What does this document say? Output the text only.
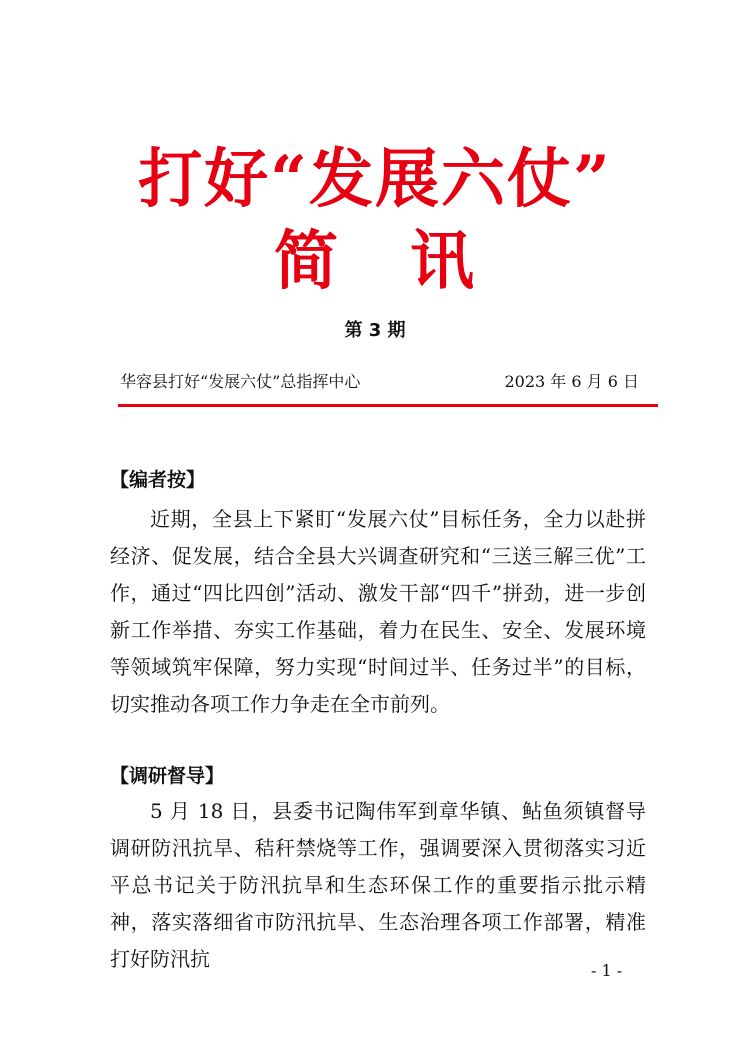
打好“发展六仗”
简 讯
第 3 期
华容县打好“发展六仗”总指挥中心	2023 年 6 月 6 日
【编者按】

近期，全县上下紧盯“发展六仗”目标任务，全力以赴拼经济、促发展，结合全县大兴调查研究和“三送三解三优”工作，通过“四比四创”活动、激发干部“四千”拼劲，进一步创新工作举措、夯实工作基础，着力在民生、安全、发展环境等领域筑牢保障，努力实现“时间过半、任务过半”的目标，切实推动各项工作力争走在全市前列。

【调研督导】

5 月 18 日，县委书记陶伟军到章华镇、鲇鱼须镇督导调研防汛抗旱、秸秆禁烧等工作，强调要深入贯彻落实习近平总书记关于防汛抗旱和生态环保工作的重要指示批示精神，落实落细省市防汛抗旱、生态治理各项工作部署，精准打好防汛抗	- 1 -
